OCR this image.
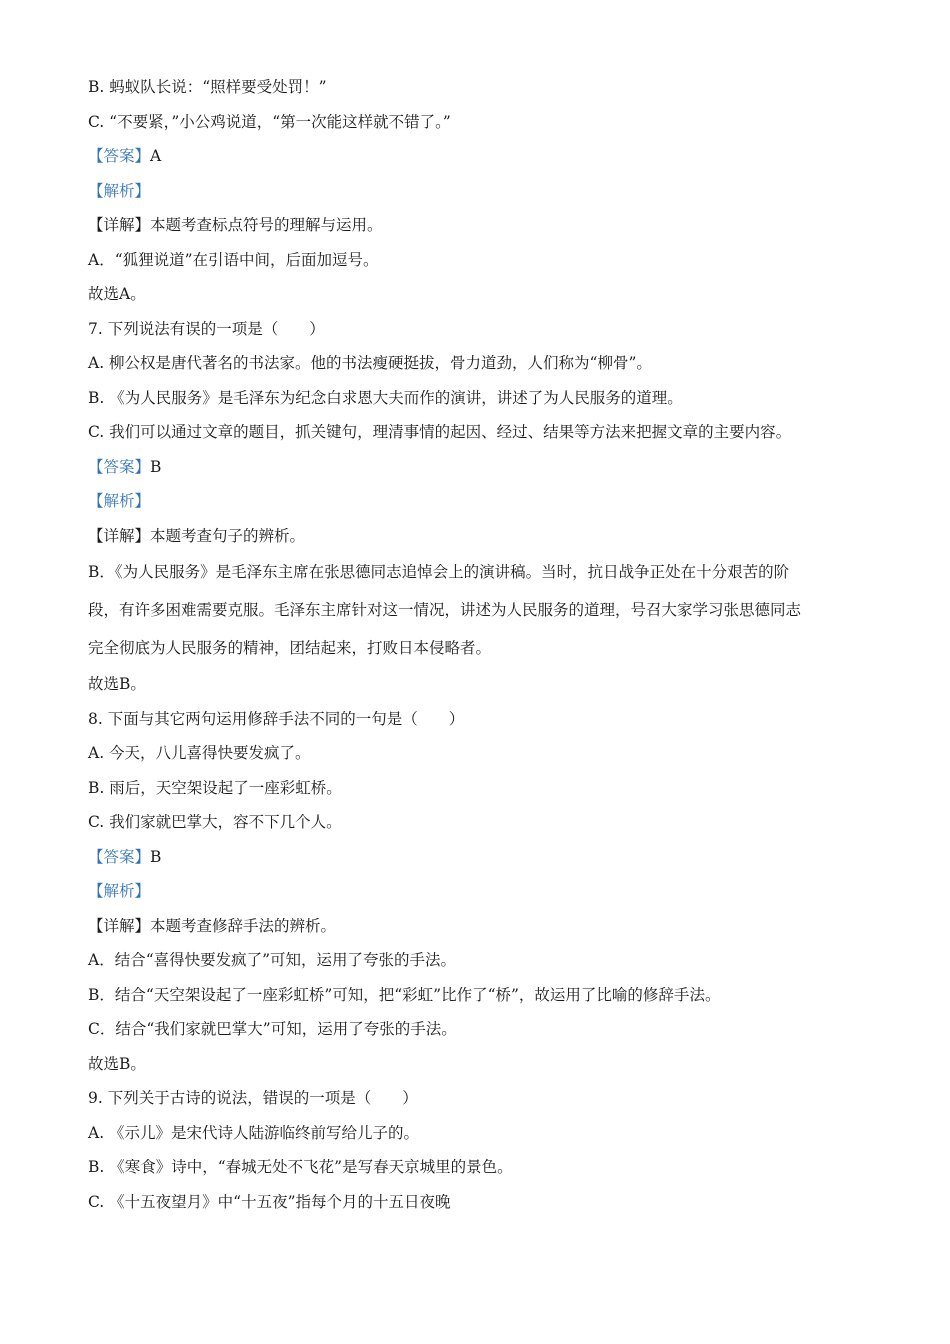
B. 蚂蚁队长说：“照样要受处罚！”
C. “不要紧，”小公鸡说道，“第一次能这样就不错了。”
【答案】A
【解析】
【详解】本题考查标点符号的理解与运用。
A．“狐狸说道”在引语中间，后面加逗号。
故选A。
7. 下列说法有误的一项是（　　）
A. 柳公权是唐代著名的书法家。他的书法瘦硬挺拔，骨力道劲，人们称为“柳骨”。
B. 《为人民服务》是毛泽东为纪念白求恩大夫而作的演讲，讲述了为人民服务的道理。
C. 我们可以通过文章的题目，抓关键句，理清事情的起因、经过、结果等方法来把握文章的主要内容。
【答案】B
【解析】
【详解】本题考查句子的辨析。
B．《为人民服务》是毛泽东主席在张思德同志追悼会上的演讲稿。当时，抗日战争正处在十分艰苦的阶
段，有许多困难需要克服。毛泽东主席针对这一情况，讲述为人民服务的道理，号召大家学习张思德同志
完全彻底为人民服务的精神，团结起来，打败日本侵略者。
故选B。
8. 下面与其它两句运用修辞手法不同的一句是（　　）
A. 今天，八儿喜得快要发疯了。
B. 雨后，天空架设起了一座彩虹桥。
C. 我们家就巴掌大，容不下几个人。
【答案】B
【解析】
【详解】本题考查修辞手法的辨析。
A．结合“喜得快要发疯了”可知，运用了夸张的手法。
B．结合“天空架设起了一座彩虹桥”可知，把“彩虹”比作了“桥”，故运用了比喻的修辞手法。
C．结合“我们家就巴掌大”可知，运用了夸张的手法。
故选B。
9. 下列关于古诗的说法，错误的一项是（　　）
A. 《示儿》是宋代诗人陆游临终前写给儿子的。
B. 《寒食》诗中，“春城无处不飞花”是写春天京城里的景色。
C. 《十五夜望月》中“十五夜”指每个月的十五日夜晚
